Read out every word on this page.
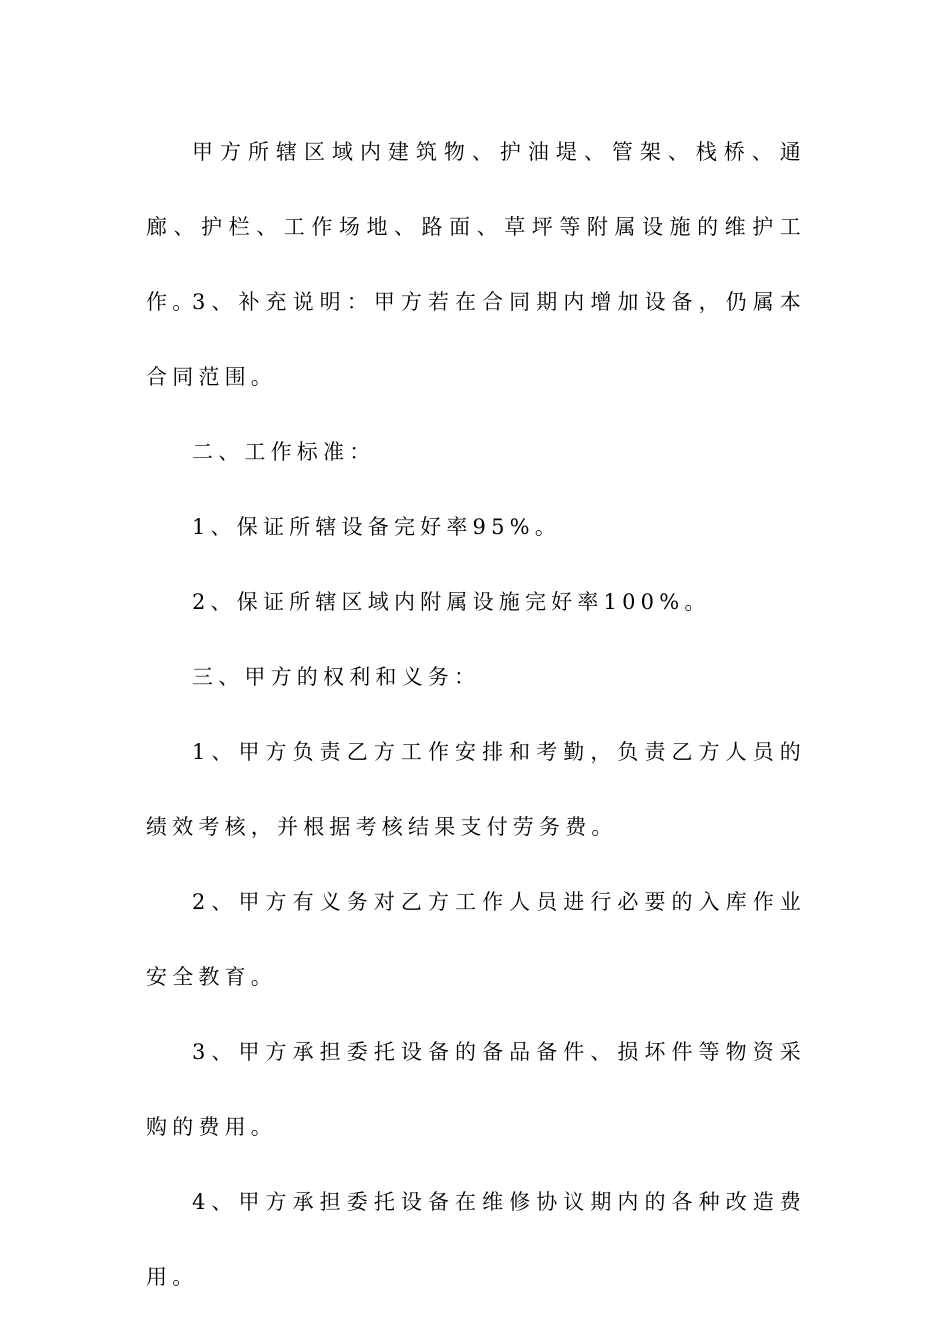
甲方所辖区域内建筑物、护油堤、管架、栈桥、通廊、护栏、工作场地、路面、草坪等附属设施的维护工作。

3、补充说明：甲方若在合同期内增加设备，仍属本合同范围。

二、工作标准：

1、保证所辖设备完好率95%。

2、保证所辖区域内附属设施完好率100%。

三、甲方的权利和义务：

1、甲方负责乙方工作安排和考勤，负责乙方人员的绩效考核，并根据考核结果支付劳务费。

2、甲方有义务对乙方工作人员进行必要的入库作业安全教育。

3、甲方承担委托设备的备品备件、损坏件等物资采购的费用。

4、甲方承担委托设备在维修协议期内的各种改造费用。
